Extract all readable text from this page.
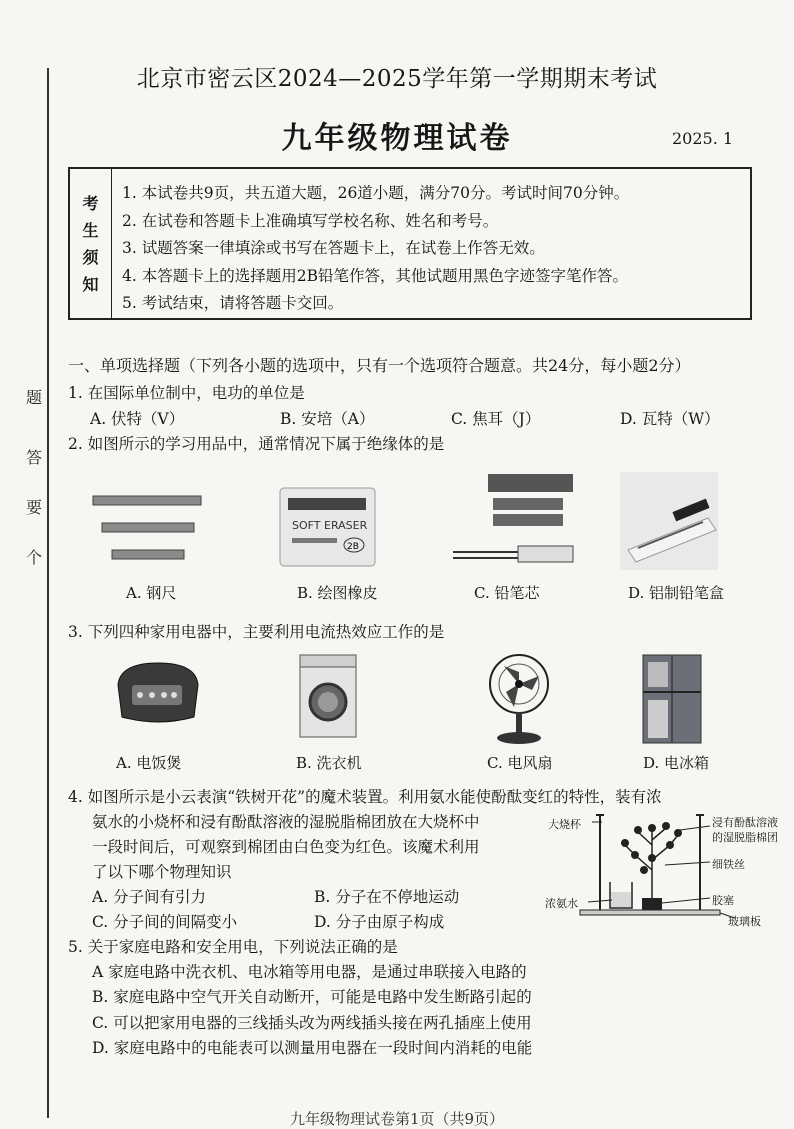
题
答
要
个
北京市密云区2024—2025学年第一学期期末考试
九年级物理试卷	2025. 1
考
生
须
知
1. 本试卷共9页，共五道大题，26道小题，满分70分。考试时间70分钟。
2. 在试卷和答题卡上准确填写学校名称、姓名和考号。
3. 试题答案一律填涂或书写在答题卡上，在试卷上作答无效。
4. 本答题卡上的选择题用2B铅笔作答，其他试题用黑色字迹签字笔作答。
5. 考试结束，请将答题卡交回。
一、单项选择题（下列各小题的选项中，只有一个选项符合题意。共24分，每小题2分）
1. 在国际单位制中，电功的单位是
A. 伏特（V）	B. 安培（A）	C. 焦耳（J）	D. 瓦特（W）
2. 如图所示的学习用品中，通常情况下属于绝缘体的是
SOFT ERASER
2B
A. 钢尺	B. 绘图橡皮	C. 铅笔芯	D. 铝制铅笔盒
3. 下列四种家用电器中，主要利用电流热效应工作的是
A. 电饭煲	B. 洗衣机	C. 电风扇	D. 电冰箱
4. 如图所示是小云表演“铁树开花”的魔术装置。利用氨水能使酚酞变红的特性，装有浓
氨水的小烧杯和浸有酚酞溶液的湿脱脂棉团放在大烧杯中
一段时间后，可观察到棉团由白色变为红色。该魔术利用
了以下哪个物理知识
A. 分子间有引力	B. 分子在不停地运动
C. 分子间的间隔变小	D. 分子由原子构成
大烧杯	浸有酚酞溶液
的湿脱脂棉团
细铁丝
浓氨水	胶塞
玻璃板
5. 关于家庭电路和安全用电，下列说法正确的是
A 家庭电路中洗衣机、电冰箱等用电器，是通过串联接入电路的
B. 家庭电路中空气开关自动断开，可能是电路中发生断路引起的
C. 可以把家用电器的三线插头改为两线插头接在两孔插座上使用
D. 家庭电路中的电能表可以测量用电器在一段时间内消耗的电能
九年级物理试卷第1页（共9页）
